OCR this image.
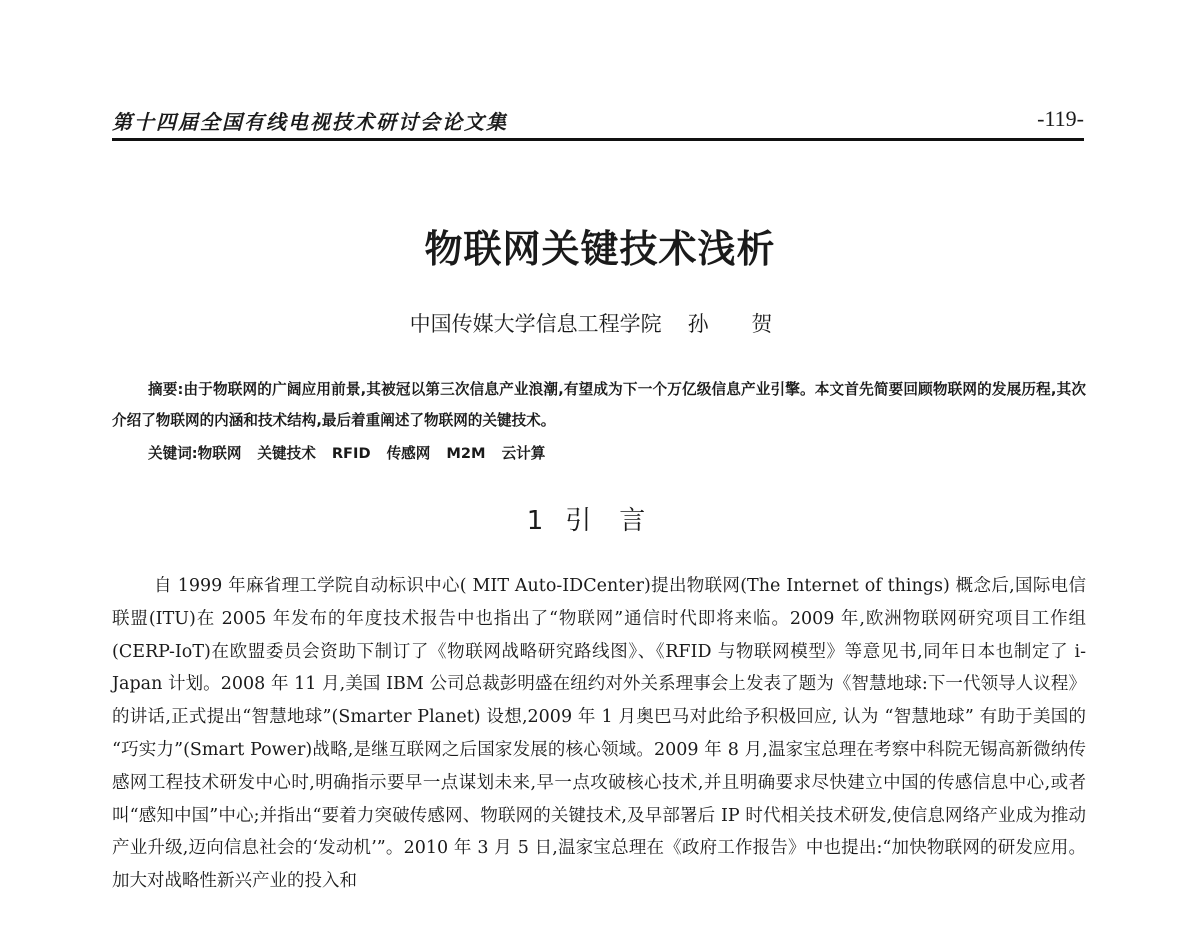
第十四届全国有线电视技术研讨会论文集	-119-
物联网关键技术浅析
中国传媒大学信息工程学院 孙 贺
摘要:由于物联网的广阔应用前景,其被冠以第三次信息产业浪潮,有望成为下一个万亿级信息产业引擎。本文首先简要回顾物联网的发展历程,其次介绍了物联网的内涵和技术结构,最后着重阐述了物联网的关键技术。
关键词:物联网 关键技术 RFID 传感网 M2M 云计算
1 引言
自 1999 年麻省理工学院自动标识中心( MIT Auto-IDCenter)提出物联网(The Internet of things) 概念后,国际电信联盟(ITU)在 2005 年发布的年度技术报告中也指出了“物联网”通信时代即将来临。2009 年,欧洲物联网研究项目工作组(CERP-IoT)在欧盟委员会资助下制订了《物联网战略研究路线图》、《RFID 与物联网模型》等意见书,同年日本也制定了 i-Japan 计划。2008 年 11 月,美国 IBM 公司总裁彭明盛在纽约对外关系理事会上发表了题为《智慧地球:下一代领导人议程》的讲话,正式提出“智慧地球”(Smarter Planet) 设想,2009 年 1 月奥巴马对此给予积极回应, 认为 “智慧地球” 有助于美国的 “巧实力”(Smart Power)战略,是继互联网之后国家发展的核心领域。2009 年 8 月,温家宝总理在考察中科院无锡高新微纳传感网工程技术研发中心时,明确指示要早一点谋划未来,早一点攻破核心技术,并且明确要求尽快建立中国的传感信息中心,或者叫“感知中国”中心;并指出“要着力突破传感网、物联网的关键技术,及早部署后 IP 时代相关技术研发,使信息网络产业成为推动产业升级,迈向信息社会的‘发动机’”。2010 年 3 月 5 日,温家宝总理在《政府工作报告》中也提出:“加快物联网的研发应用。加大对战略性新兴产业的投入和
